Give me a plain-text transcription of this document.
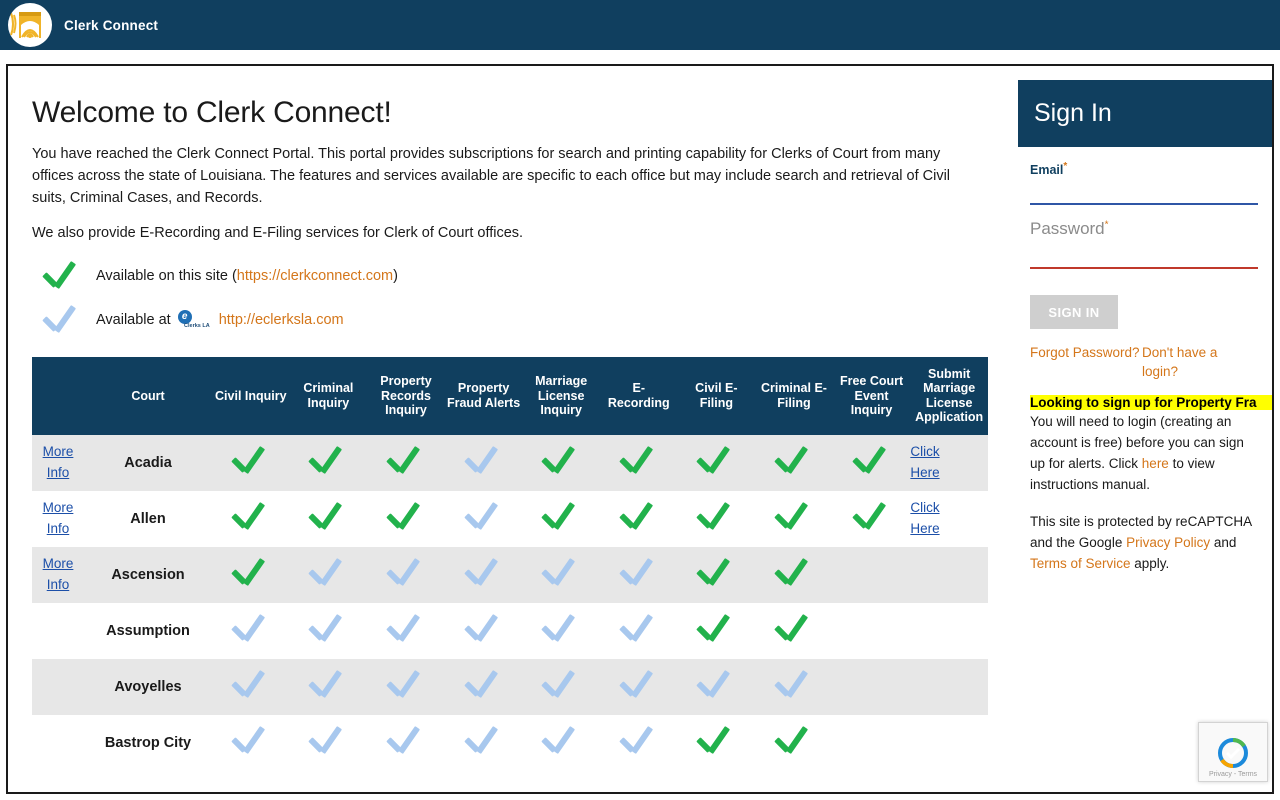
Clerk Connect
Welcome to Clerk Connect!

You have reached the Clerk Connect Portal. This portal provides subscriptions for search and printing capability for Clerks of Court from many offices across the state of Louisiana. The features and services available are specific to each office but may include search and retrieval of Civil suits, Criminal Cases, and Records.

We also provide E-Recording and E-Filing services for Clerk of Court offices.

Available on this site (https://clerkconnect.com)
Available at	e
Clerks LA http://eclerksla.com
	Court	Civil Inquiry	Criminal Inquiry	Property Records Inquiry	Property Fraud Alerts	Marriage License Inquiry	E-Recording	Civil E-Filing	Criminal E-Filing	Free Court Event Inquiry	Submit Marriage License Application
More
Info	Acadia										Click
Here
More
Info	Allen										Click
Here
More
Info	Ascension										
	Assumption										
	Avoyelles										
	Bastrop City										
Sign In
Email*
Password*
SIGN IN
Forgot Password? Don't have a login?
Looking to sign up for Property Fra
You will need to login (creating an account is free) before you can sign up for alerts. Click here to view instructions manual.
This site is protected by reCAPTCHA and the Google Privacy Policy and Terms of Service apply.
Privacy - Terms
